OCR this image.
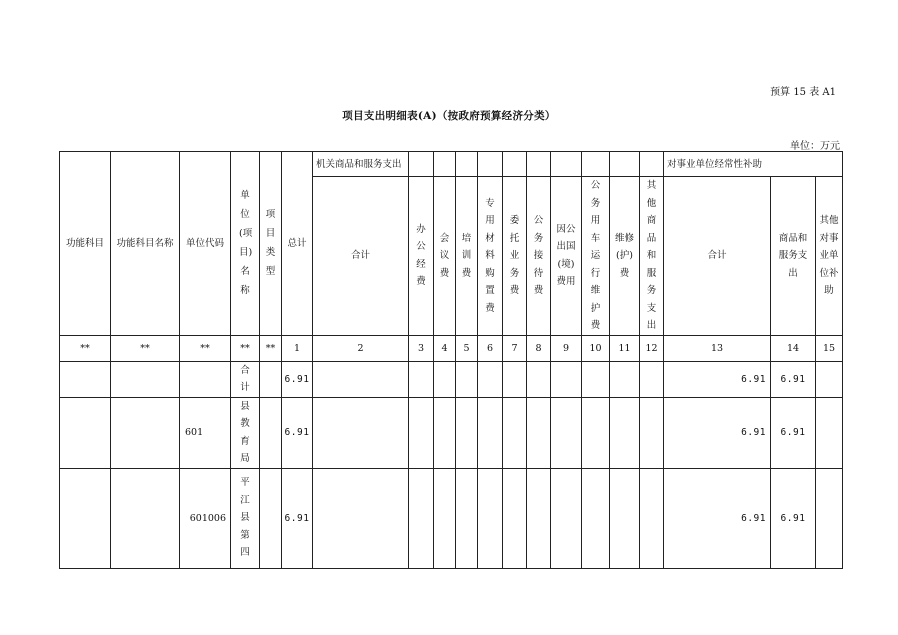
预算 15 表 A1
项目支出明细表(A)（按政府预算经济分类）
单位：万元
功能科目	功能科目名称	单位代码	单位(项目)名称	项目类型	总计	机关商品和服务支出											对事业单位经常性补助		
						合计	办公经费	会议费	培训费	专用材料购置费	委托业务费	公务接待费	因公出国(境)费用	公务用车运行维护费	维修(护)费	其他商品和服务支出	合计	商品和服务支出	其他对事业单位补助
**	**	**	**	**	1	2	3	4	5	6	7	8	9	10	11	12	13	14	15
			合计		6.91												6.91	6.91	
		601	县教育局		6.91												6.91	6.91	
		601006	平江县第四		6.91												6.91	6.91	
